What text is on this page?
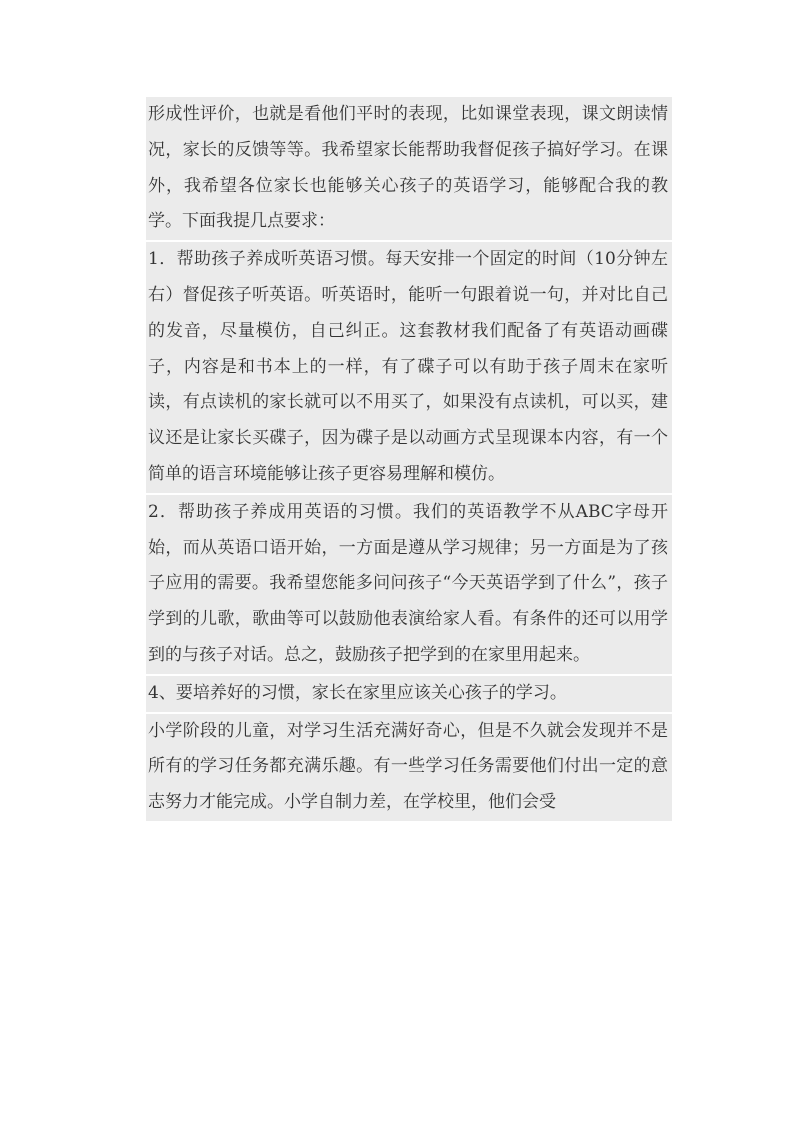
形成性评价，也就是看他们平时的表现，比如课堂表现，课文朗读情况，家长的反馈等等。我希望家长能帮助我督促孩子搞好学习。在课外，我希望各位家长也能够关心孩子的英语学习，能够配合我的教学。下面我提几点要求：

1．帮助孩子养成听英语习惯。每天安排一个固定的时间（10分钟左右）督促孩子听英语。听英语时，能听一句跟着说一句，并对比自己的发音，尽量模仿，自己纠正。这套教材我们配备了有英语动画碟子，内容是和书本上的一样，有了碟子可以有助于孩子周末在家听读，有点读机的家长就可以不用买了，如果没有点读机，可以买，建议还是让家长买碟子，因为碟子是以动画方式呈现课本内容，有一个简单的语言环境能够让孩子更容易理解和模仿。

2．帮助孩子养成用英语的习惯。我们的英语教学不从ABC字母开始，而从英语口语开始，一方面是遵从学习规律；另一方面是为了孩子应用的需要。我希望您能多问问孩子“今天英语学到了什么”，孩子学到的儿歌，歌曲等可以鼓励他表演给家人看。有条件的还可以用学到的与孩子对话。总之，鼓励孩子把学到的在家里用起来。

4、要培养好的习惯，家长在家里应该关心孩子的学习。

小学阶段的儿童，对学习生活充满好奇心，但是不久就会发现并不是所有的学习任务都充满乐趣。有一些学习任务需要他们付出一定的意志努力才能完成。小学自制力差，在学校里，他们会受
